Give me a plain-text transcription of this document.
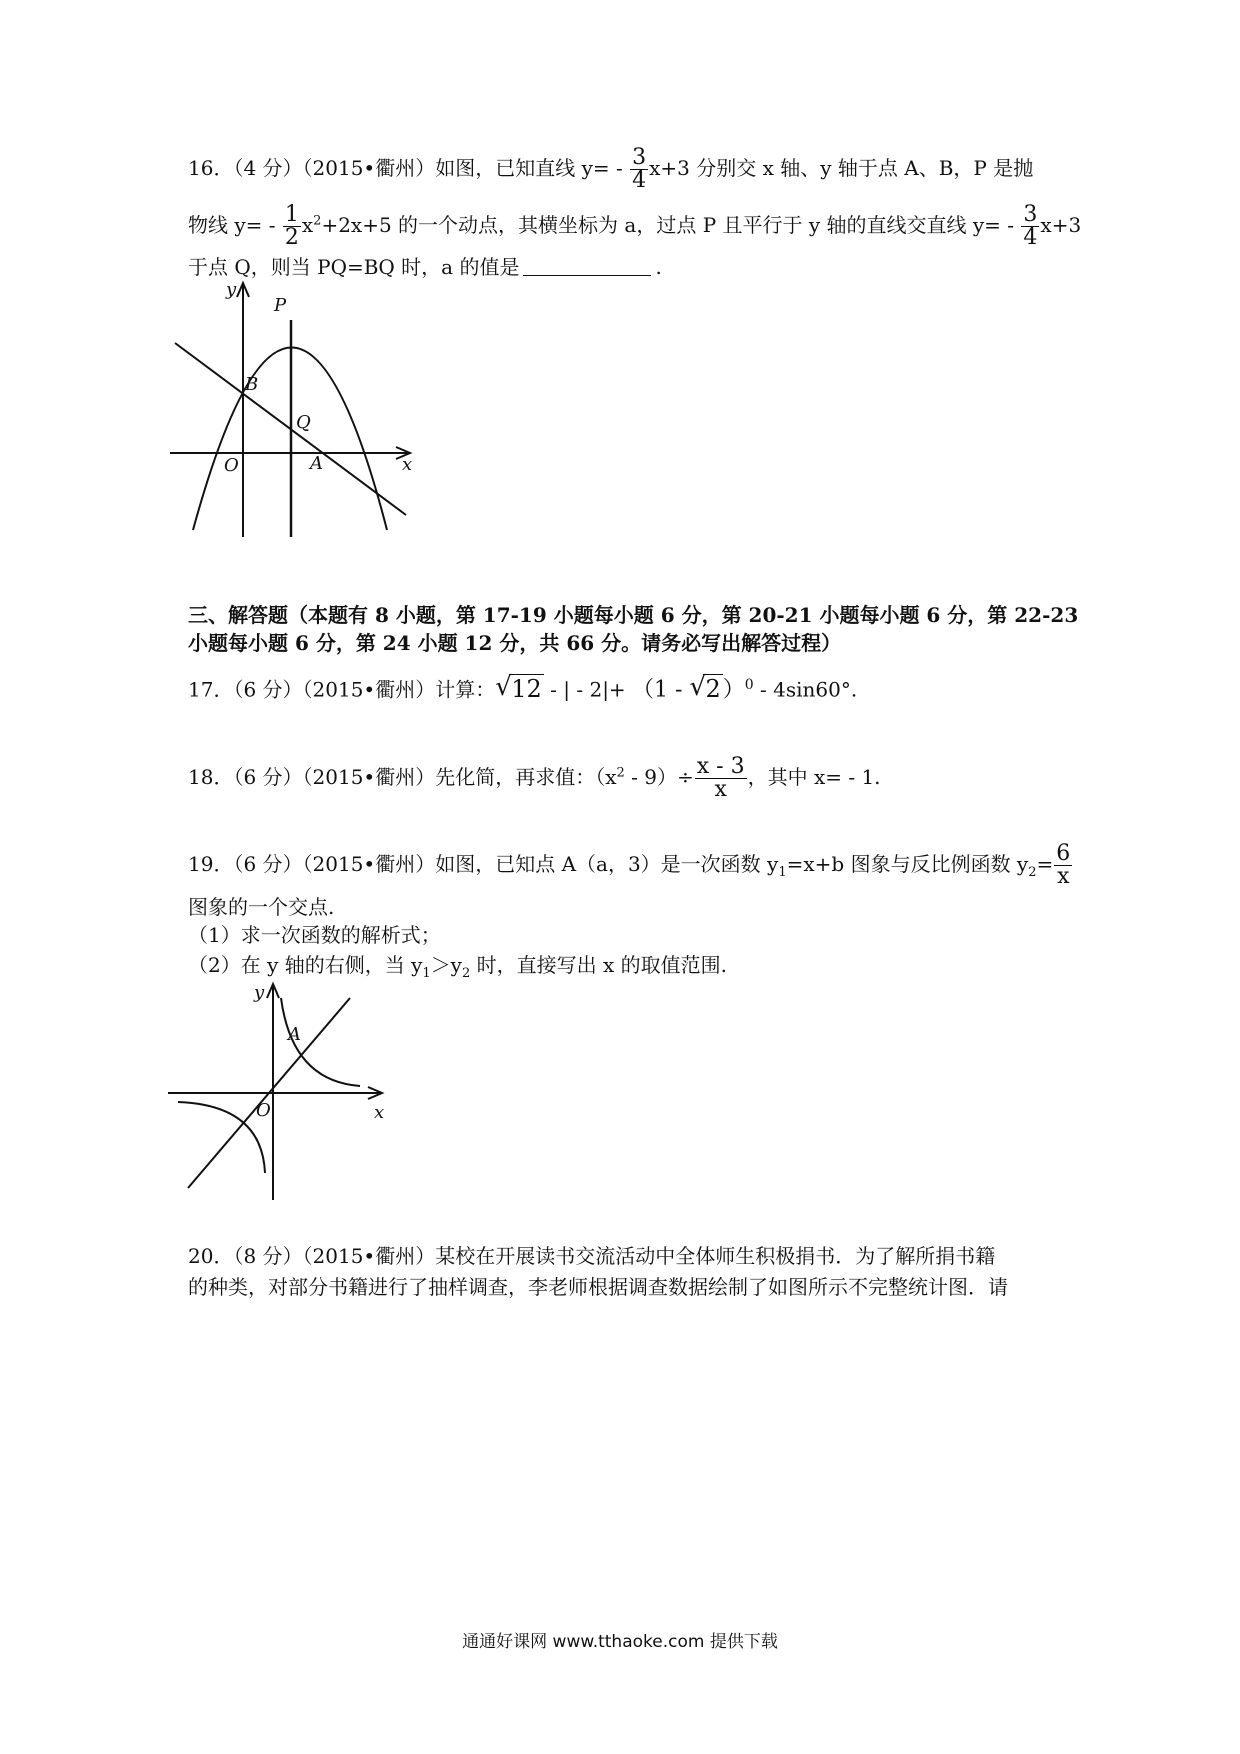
16．（4 分）（2015•衢州）如图，已知直线 $y= - \frac{3}{4} x+3$ 分别交 x 轴、y 轴于点 A、B，P 是抛
物线 $y= - \frac{1}{2} x^2+2x+5$ 的一个动点，其横坐标为 a，过点 P 且平行于 y 轴的直线交直线 $y= - \frac{3}{4} x+3$
于点 Q，则当 PQ=BQ 时，a 的值是	.
y
P
B
Q
O	A	x
三、解答题（本题有 8 小题，第 17-19 小题每小题 6 分，第 20-21 小题每小题 6 分，第 22-23
小题每小题 6 分，第 24 小题 12 分，共 66 分。请务必写出解答过程）
17．（6 分）（2015•衢州）计算： √ 12 - | - 2|+ （1 - √ 2）$^0$ - 4sin60°.
18．（6 分）（2015•衢州）先化简，再求值：$(x^2 - 9)\div \frac{x - 3}{x}$ ，其中 x= - 1.
19．（6 分）（2015•衢州）如图，已知点 A（a，3）是一次函数 $y_1=x+b$ 图象与反比例函数 $y_2= \frac{6}{x}$
图象的一个交点.
（1）求一次函数的解析式；
（2）在 y 轴的右侧，当 $y_1>y_2$ 时，直接写出 x 的取值范围.
y
A
O	x
20．（8 分）（2015•衢州）某校在开展读书交流活动中全体师生积极捐书．为了解所捐书籍
的种类，对部分书籍进行了抽样调查，李老师根据调查数据绘制了如图所示不完整统计图．请
通通好课网 www.tthaoke.com 提供下载
